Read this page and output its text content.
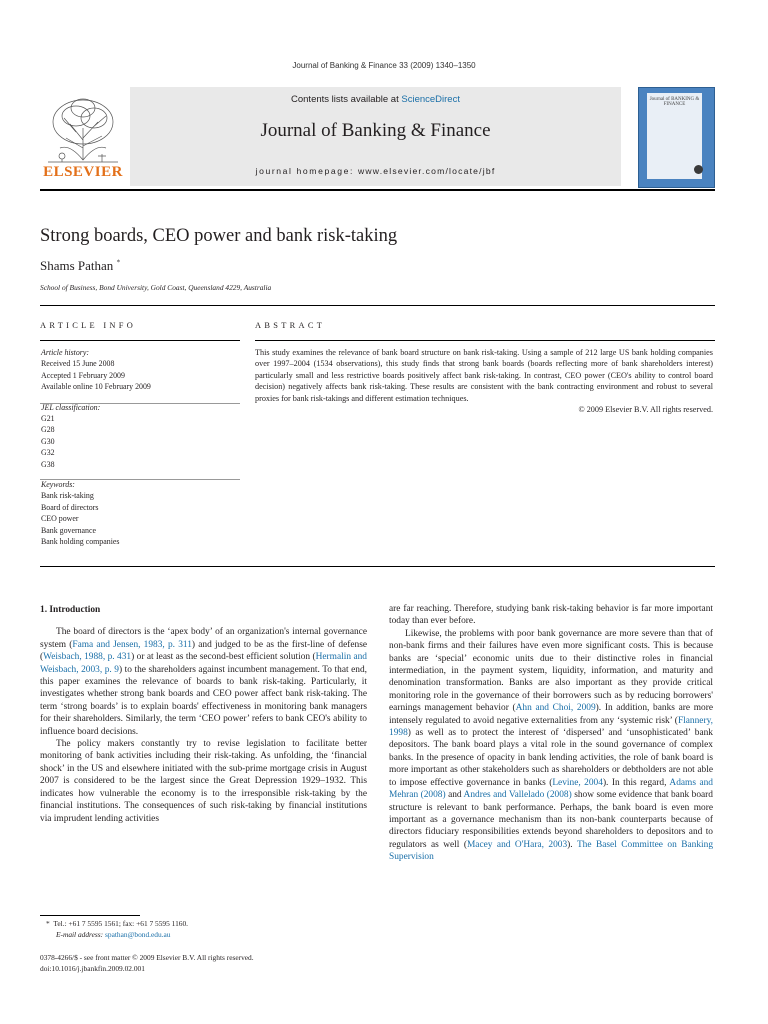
Journal of Banking & Finance 33 (2009) 1340–1350
ELSEVIER
Contents lists available at ScienceDirect
Journal of Banking & Finance
journal homepage: www.elsevier.com/locate/jbf
Journal of BANKING & FINANCE
Strong boards, CEO power and bank risk-taking
Shams Pathan *
School of Business, Bond University, Gold Coast, Queensland 4229, Australia
ARTICLE INFO	ABSTRACT
Article history:
Received 15 June 2008
Accepted 1 February 2009
Available online 10 February 2009
JEL classification:
G21
G28
G30
G32
G38
Keywords:
Bank risk-taking
Board of directors
CEO power
Bank governance
Bank holding companies
This study examines the relevance of bank board structure on bank risk-taking. Using a sample of 212 large US bank holding companies over 1997–2004 (1534 observations), this study finds that strong bank boards (boards reflecting more of bank shareholders interest) particularly small and less restrictive boards positively affect bank risk-taking. In contrast, CEO power (CEO's ability to control board decision) negatively affects bank risk-taking. These results are consistent with the bank contracting environment and robust to several proxies for bank risk-takings and different estimation techniques.
© 2009 Elsevier B.V. All rights reserved.
1. Introduction

The board of directors is the ‘apex body’ of an organization's internal governance system (Fama and Jensen, 1983, p. 311) and judged to be as the first-line of defense (Weisbach, 1988, p. 431) or at least as the second-best efficient solution (Hermalin and Weisbach, 2003, p. 9) to the shareholders against incumbent management. To that end, this paper examines the relevance of boards to bank risk-taking. Particularly, it investigates whether strong bank boards and CEO power affect bank risk-taking. The term ‘strong boards’ is to explain boards' effectiveness in monitoring bank managers for their shareholders. Similarly, the term ‘CEO power’ refers to bank CEO's ability to influence board decisions.

The policy makers constantly try to revise legislation to facilitate better monitoring of bank activities including their risk-taking. As unfolding, the ‘financial shock’ in the US and elsewhere initiated with the sub-prime mortgage crisis in August 2007 is considered to be the largest since the Great Depression 1929–1932. This indicates how vulnerable the economy is to the irresponsible risk-taking by the financial institutions. The consequences of such risk-taking by financial institutions via imprudent lending activities

are far reaching. Therefore, studying bank risk-taking behavior is far more important today than ever before.

Likewise, the problems with poor bank governance are more severe than that of non-bank firms and their failures have even more significant costs. This is because banks are ‘special’ economic units due to their distinctive roles in financial intermediation, in the payment system, liquidity, information, and maturity and denomination transformation. Banks are also important as they provide critical monitoring role in the governance of their borrowers such as by reducing borrowers' earnings management behavior (Ahn and Choi, 2009). In addition, banks are more intensely regulated to avoid negative externalities from any ‘systemic risk’ (Flannery, 1998) as well as to protect the interest of ‘dispersed’ and ‘unsophisticated’ bank depositors. The bank board plays a vital role in the sound governance of complex banks. In the presence of opacity in bank lending activities, the role of bank board is more important as other stakeholders such as shareholders or debtholders are not able to impose effective governance in banks (Levine, 2004). In this regard, Adams and Mehran (2008) and Andres and Vallelado (2008) show some evidence that bank board structure is relevant to bank performance. Perhaps, the bank board is even more important as a governance mechanism than its non-bank counterparts because of directors fiduciary responsibilities extends beyond shareholders to depositors and to regulators as well (Macey and O'Hara, 2003). The Basel Committee on Banking Supervision

* Tel.: +61 7 5595 1561; fax: +61 7 5595 1160.
E-mail address: spathan@bond.edu.au
0378-4266/$ - see front matter © 2009 Elsevier B.V. All rights reserved.
doi:10.1016/j.jbankfin.2009.02.001
